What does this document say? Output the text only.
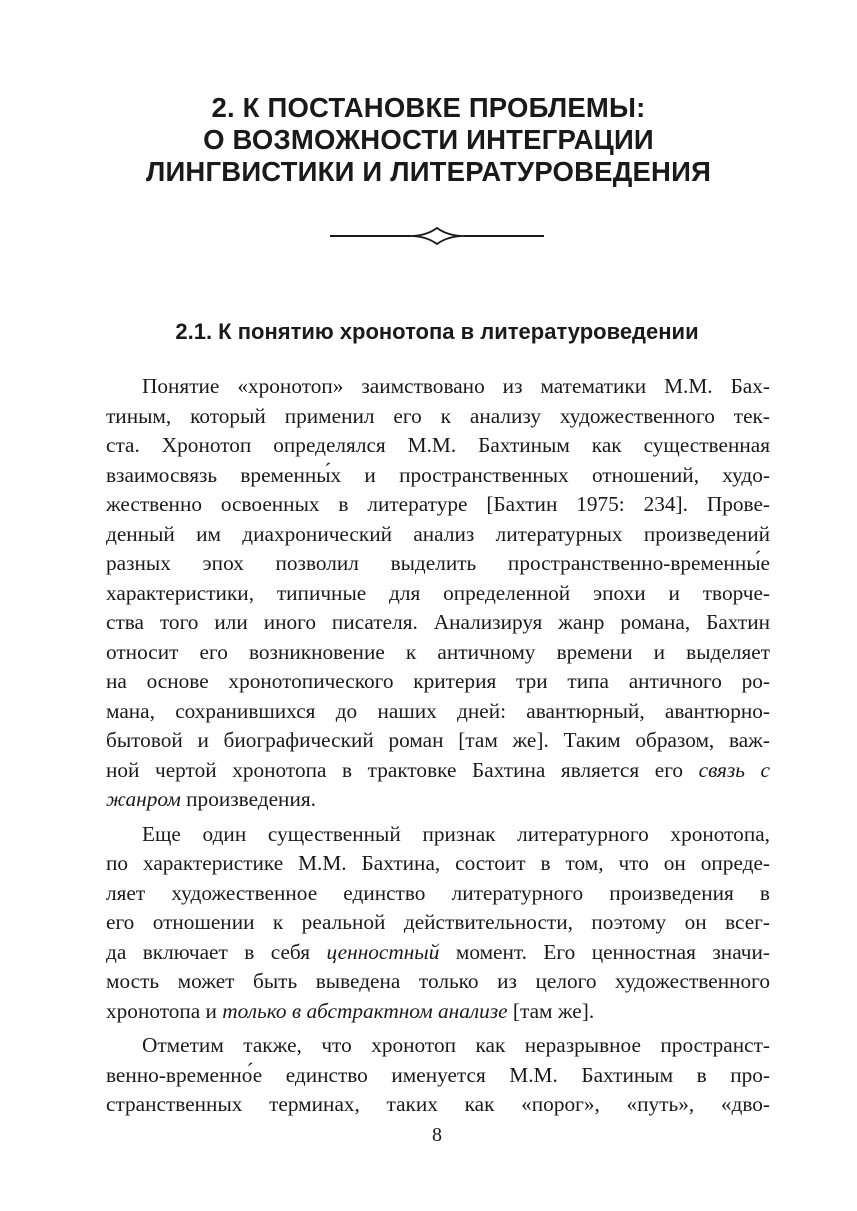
2. К ПОСТАНОВКЕ ПРОБЛЕМЫ:
О ВОЗМОЖНОСТИ ИНТЕГРАЦИИ
ЛИНГВИСТИКИ И ЛИТЕРАТУРОВЕДЕНИЯ
2.1. К понятию хронотопа в литературоведении
Понятие «хронотоп» заимствовано из математики М.М. Бах-
тиным, который применил его к анализу художественного тек-
ста. Хронотоп определялся М.М. Бахтиным как существенная
взаимосвязь временны́х и пространственных отношений, худо-
жественно освоенных в литературе [Бахтин 1975: 234]. Прове-
денный им диахронический анализ литературных произведений
разных эпох позволил выделить пространственно-временны́е
характеристики, типичные для определенной эпохи и творче-
ства того или иного писателя. Анализируя жанр романа, Бахтин
относит его возникновение к античному времени и выделяет
на основе хронотопического критерия три типа античного ро-
мана, сохранившихся до наших дней: авантюрный, авантюрно-
бытовой и биографический роман [там же]. Таким образом, важ-
ной чертой хронотопа в трактовке Бахтина является его связь с
жанром произведения.
Еще один существенный признак литературного хронотопа,
по характеристике М.М. Бахтина, состоит в том, что он опреде-
ляет художественное единство литературного произведения в
его отношении к реальной действительности, поэтому он всег-
да включает в себя ценностный момент. Его ценностная значи-
мость может быть выведена только из целого художественного
хронотопа и только в абстрактном анализе [там же].
Отметим также, что хронотоп как неразрывное пространст-
венно-временно́е единство именуется М.М. Бахтиным в про-
странственных терминах, таких как «порог», «путь», «дво-
8
